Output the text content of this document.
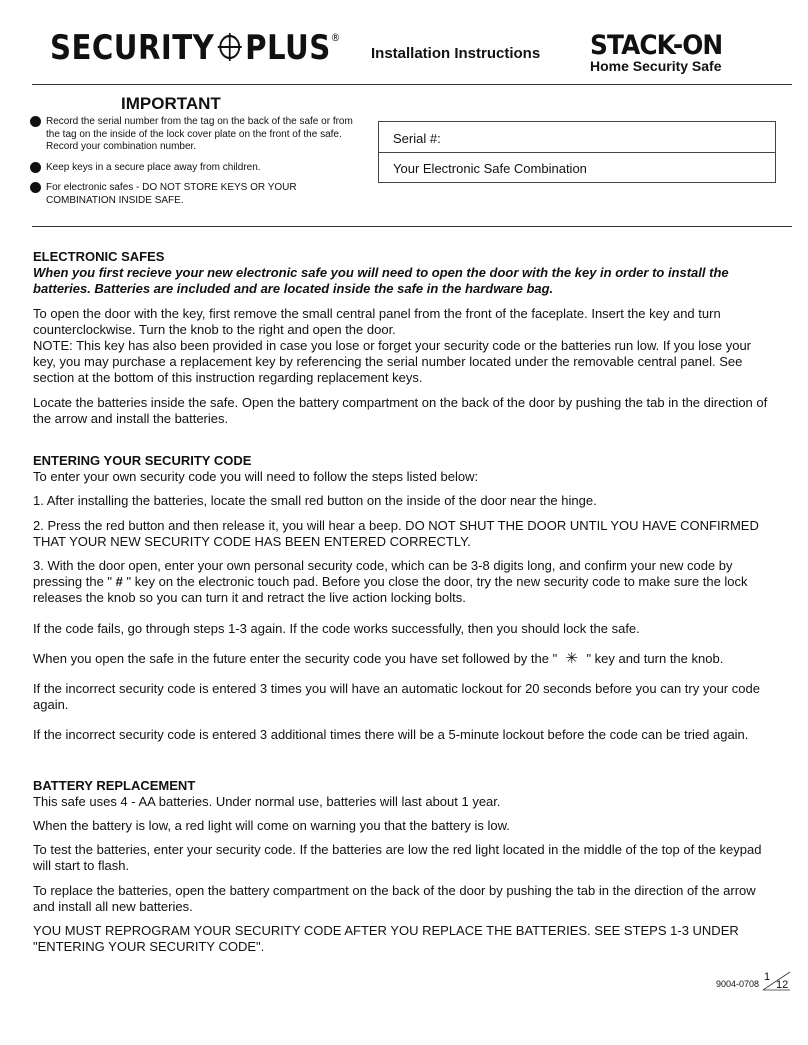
SECURITY PLUS®
Installation Instructions STACK-ON
Home Security Safe
IMPORTANT
Record the serial number from the tag on the back of the safe or from the tag on the inside of the lock cover plate on the front of the safe. Record your combination number.
Keep keys in a secure place away from children.
For electronic safes - DO NOT STORE KEYS OR YOUR COMBINATION INSIDE SAFE.
Serial #:
Your Electronic Safe Combination
ELECTRONIC SAFES

When you first recieve your new electronic safe you will need to open the door with the key in order to install the batteries. Batteries are included and are located inside the safe in the hardware bag.

To open the door with the key, first remove the small central panel from the front of the faceplate. Insert the key and turn counterclockwise. Turn the knob to the right and open the door.

NOTE: This key has also been provided in case you lose or forget your security code or the batteries run low. If you lose your key, you may purchase a replacement key by referencing the serial number located under the removable central panel. See section at the bottom of this instruction regarding replacement keys.

Locate the batteries inside the safe. Open the battery compartment on the back of the door by pushing the tab in the direction of the arrow and install the batteries.

ENTERING YOUR SECURITY CODE

To enter your own security code you will need to follow the steps listed below:

1. After installing the batteries, locate the small red button on the inside of the door near the hinge.

2. Press the red button and then release it, you will hear a beep. DO NOT SHUT THE DOOR UNTIL YOU HAVE CONFIRMED THAT YOUR NEW SECURITY CODE HAS BEEN ENTERED CORRECTLY.

3. With the door open, enter your own personal security code, which can be 3-8 digits long, and confirm your new code by pressing the " # " key on the electronic touch pad. Before you close the door, try the new security code to make sure the lock releases the knob so you can turn it and retract the live action locking bolts.

If the code fails, go through steps 1-3 again. If the code works successfully, then you should lock the safe.

When you open the safe in the future enter the security code you have set followed by the " ✳ " key and turn the knob.

If the incorrect security code is entered 3 times you will have an automatic lockout for 20 seconds before you can try your code again.

If the incorrect security code is entered 3 additional times there will be a 5-minute lockout before the code can be tried again.

BATTERY REPLACEMENT

This safe uses 4 - AA batteries. Under normal use, batteries will last about 1 year.

When the battery is low, a red light will come on warning you that the battery is low.

To test the batteries, enter your security code. If the batteries are low the red light located in the middle of the top of the keypad will start to flash.

To replace the batteries, open the battery compartment on the back of the door by pushing the tab in the direction of the arrow and install all new batteries.

YOU MUST REPROGRAM YOUR SECURITY CODE AFTER YOU REPLACE THE BATTERIES. SEE STEPS 1-3 UNDER "ENTERING YOUR SECURITY CODE".

9004-0708
1
12
